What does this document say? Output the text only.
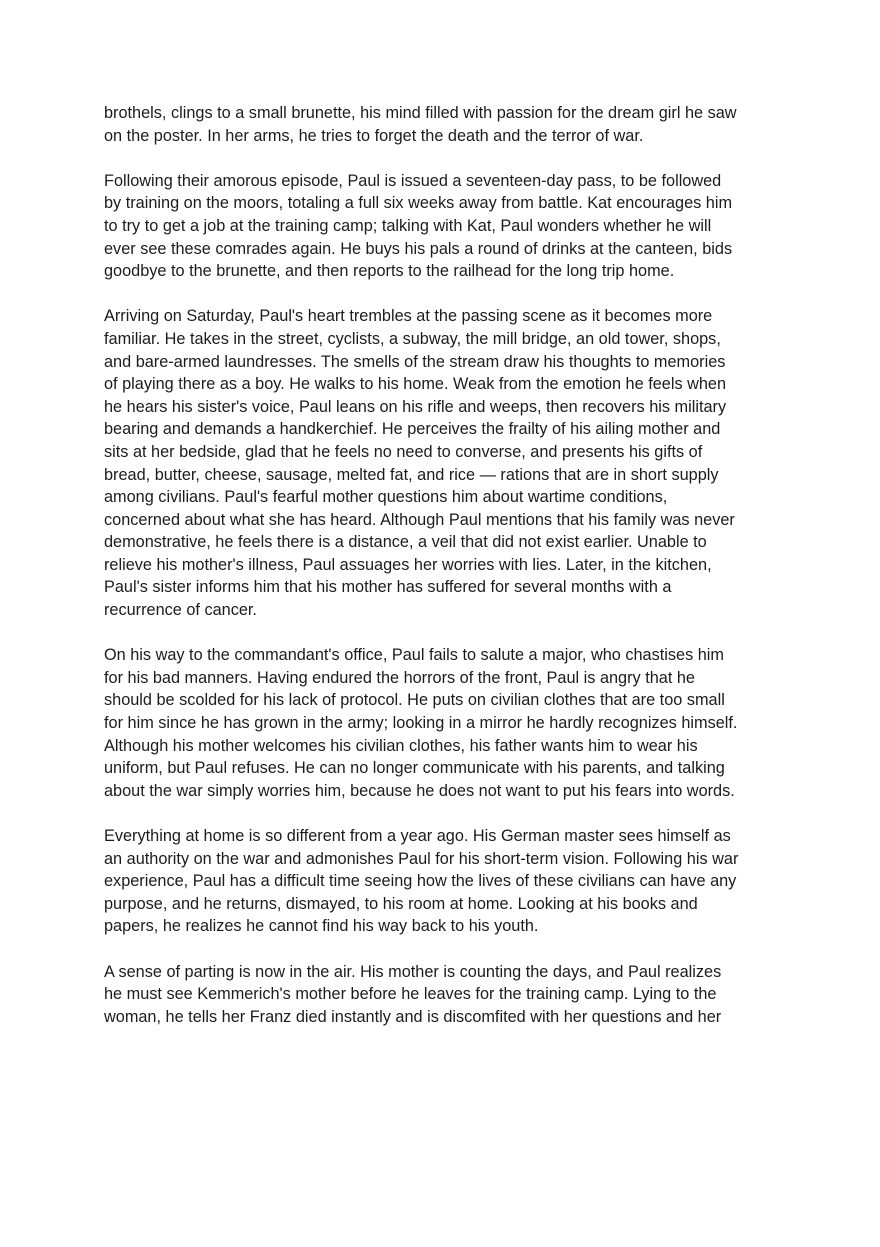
brothels, clings to a small brunette, his mind filled with passion for the dream girl he saw
on the poster. In her arms, he tries to forget the death and the terror of war.

Following their amorous episode, Paul is issued a seventeen-day pass, to be followed
by training on the moors, totaling a full six weeks away from battle. Kat encourages him
to try to get a job at the training camp; talking with Kat, Paul wonders whether he will
ever see these comrades again. He buys his pals a round of drinks at the canteen, bids
goodbye to the brunette, and then reports to the railhead for the long trip home.

Arriving on Saturday, Paul's heart trembles at the passing scene as it becomes more
familiar. He takes in the street, cyclists, a subway, the mill bridge, an old tower, shops,
and bare-armed laundresses. The smells of the stream draw his thoughts to memories
of playing there as a boy. He walks to his home. Weak from the emotion he feels when
he hears his sister's voice, Paul leans on his rifle and weeps, then recovers his military
bearing and demands a handkerchief. He perceives the frailty of his ailing mother and
sits at her bedside, glad that he feels no need to converse, and presents his gifts of
bread, butter, cheese, sausage, melted fat, and rice — rations that are in short supply
among civilians. Paul's fearful mother questions him about wartime conditions,
concerned about what she has heard. Although Paul mentions that his family was never
demonstrative, he feels there is a distance, a veil that did not exist earlier. Unable to
relieve his mother's illness, Paul assuages her worries with lies. Later, in the kitchen,
Paul's sister informs him that his mother has suffered for several months with a
recurrence of cancer.

On his way to the commandant's office, Paul fails to salute a major, who chastises him
for his bad manners. Having endured the horrors of the front, Paul is angry that he
should be scolded for his lack of protocol. He puts on civilian clothes that are too small
for him since he has grown in the army; looking in a mirror he hardly recognizes himself.
Although his mother welcomes his civilian clothes, his father wants him to wear his
uniform, but Paul refuses. He can no longer communicate with his parents, and talking
about the war simply worries him, because he does not want to put his fears into words.

Everything at home is so different from a year ago. His German master sees himself as
an authority on the war and admonishes Paul for his short-term vision. Following his war
experience, Paul has a difficult time seeing how the lives of these civilians can have any
purpose, and he returns, dismayed, to his room at home. Looking at his books and
papers, he realizes he cannot find his way back to his youth.

A sense of parting is now in the air. His mother is counting the days, and Paul realizes
he must see Kemmerich's mother before he leaves for the training camp. Lying to the
woman, he tells her Franz died instantly and is discomfited with her questions and her
